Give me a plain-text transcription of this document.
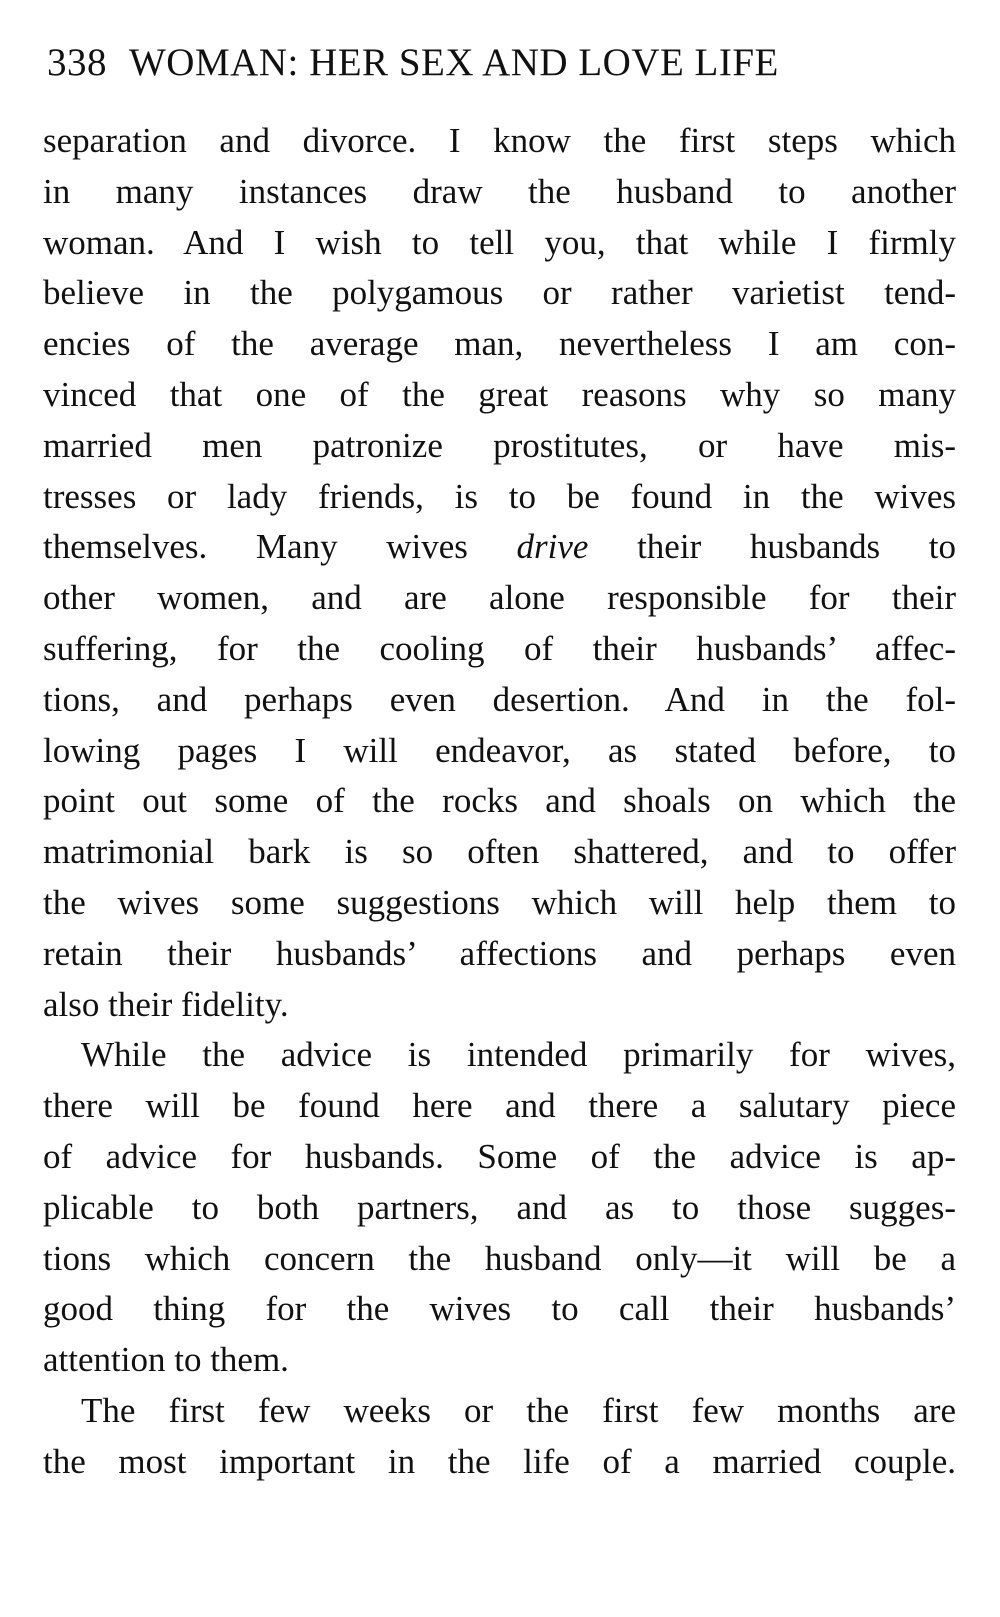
338 WOMAN: HER SEX AND LOVE LIFE
separation and divorce. I know the first steps which
in many instances draw the husband to another
woman. And I wish to tell you, that while I firmly
believe in the polygamous or rather varietist tend-
encies of the average man, nevertheless I am con-
vinced that one of the great reasons why so many
married men patronize prostitutes, or have mis-
tresses or lady friends, is to be found in the wives
themselves. Many wives drive their husbands to
other women, and are alone responsible for their
suffering, for the cooling of their husbands’ affec-
tions, and perhaps even desertion. And in the fol-
lowing pages I will endeavor, as stated before, to
point out some of the rocks and shoals on which the
matrimonial bark is so often shattered, and to offer
the wives some suggestions which will help them to
retain their husbands’ affections and perhaps even
also their fidelity.
While the advice is intended primarily for wives,
there will be found here and there a salutary piece
of advice for husbands. Some of the advice is ap-
plicable to both partners, and as to those sugges-
tions which concern the husband only—it will be a
good thing for the wives to call their husbands’
attention to them.
The first few weeks or the first few months are
the most important in the life of a married couple.
